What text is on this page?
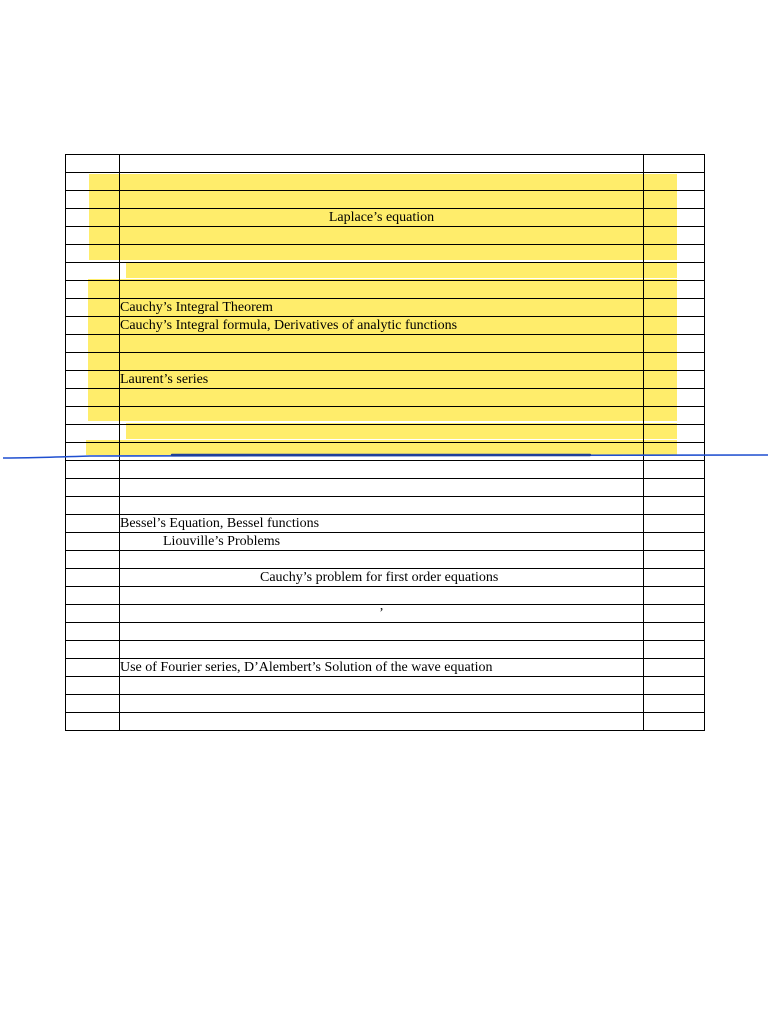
	Laplace’s equation	

	Cauchy’s Integral Theorem	
	Cauchy’s Integral formula, Derivatives of analytic functions	

	Laurent’s series	

	Bessel’s Equation, Bessel functions	
	Liouville’s Problems	

	Cauchy’s problem for first order equations	

	’	

	Use of Fourier series, D’Alembert’s Solution of the wave equation	
